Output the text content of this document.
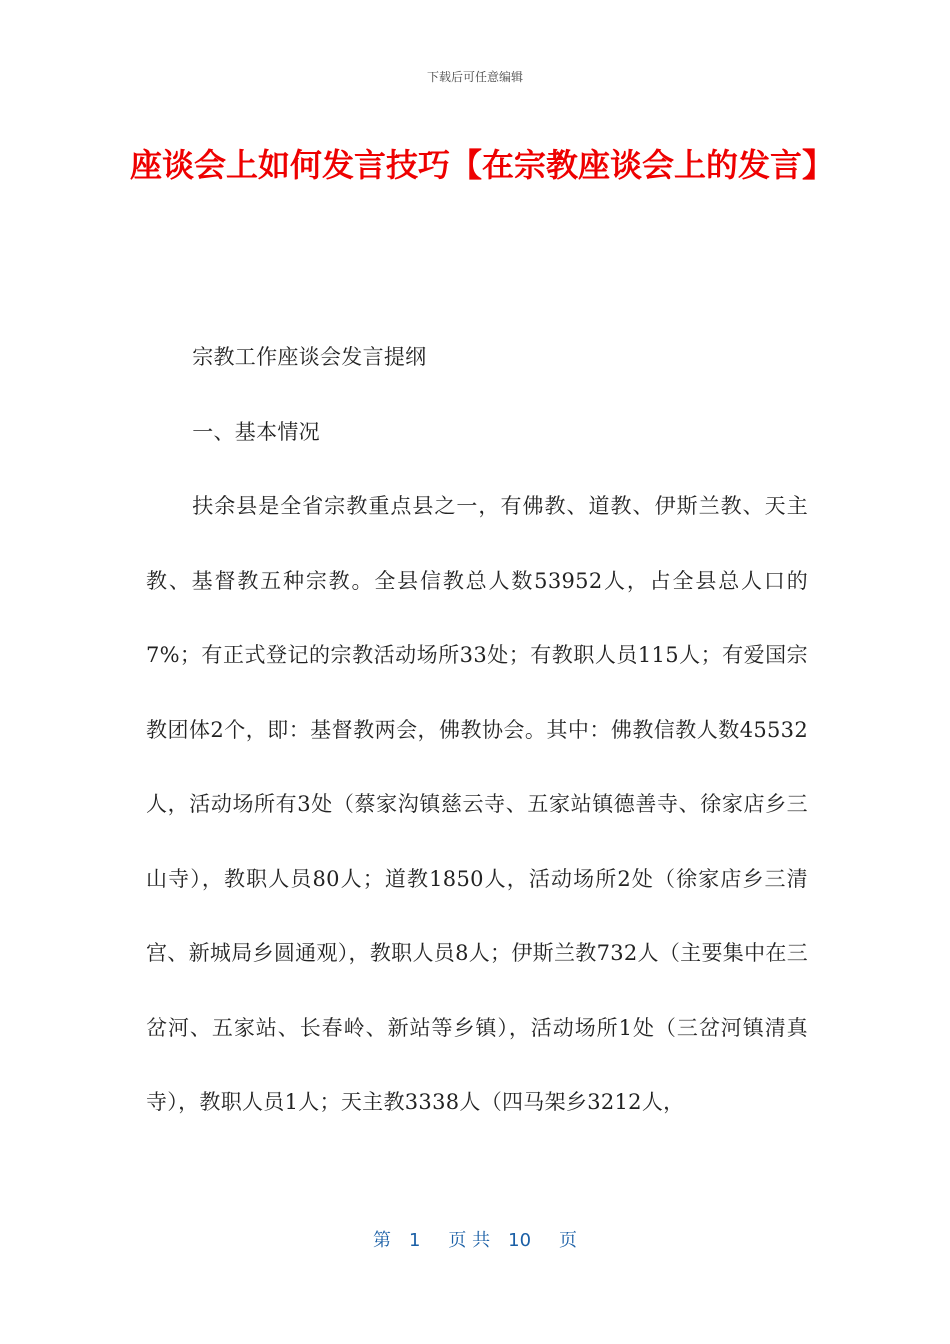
下载后可任意编辑
座谈会上如何发言技巧【在宗教座谈会上的发言】

宗教工作座谈会发言提纲

一、基本情况

扶余县是全省宗教重点县之一，有佛教、道教、伊斯兰教、天主教、基督教五种宗教。全县信教总人数53952人，占全县总人口的7%；有正式登记的宗教活动场所33处；有教职人员115人；有爱国宗教团体2个，即：基督教两会，佛教协会。其中：佛教信教人数45532人，活动场所有3处（蔡家沟镇慈云寺、五家站镇德善寺、徐家店乡三山寺），教职人员80人；道教1850人，活动场所2处（徐家店乡三清宫、新城局乡圆通观），教职人员8人；伊斯兰教732人（主要集中在三岔河、五家站、长春岭、新站等乡镇），活动场所1处（三岔河镇清真寺），教职人员1人；天主教3338人（四马架乡3212人，

第 1 页 共 10 页
